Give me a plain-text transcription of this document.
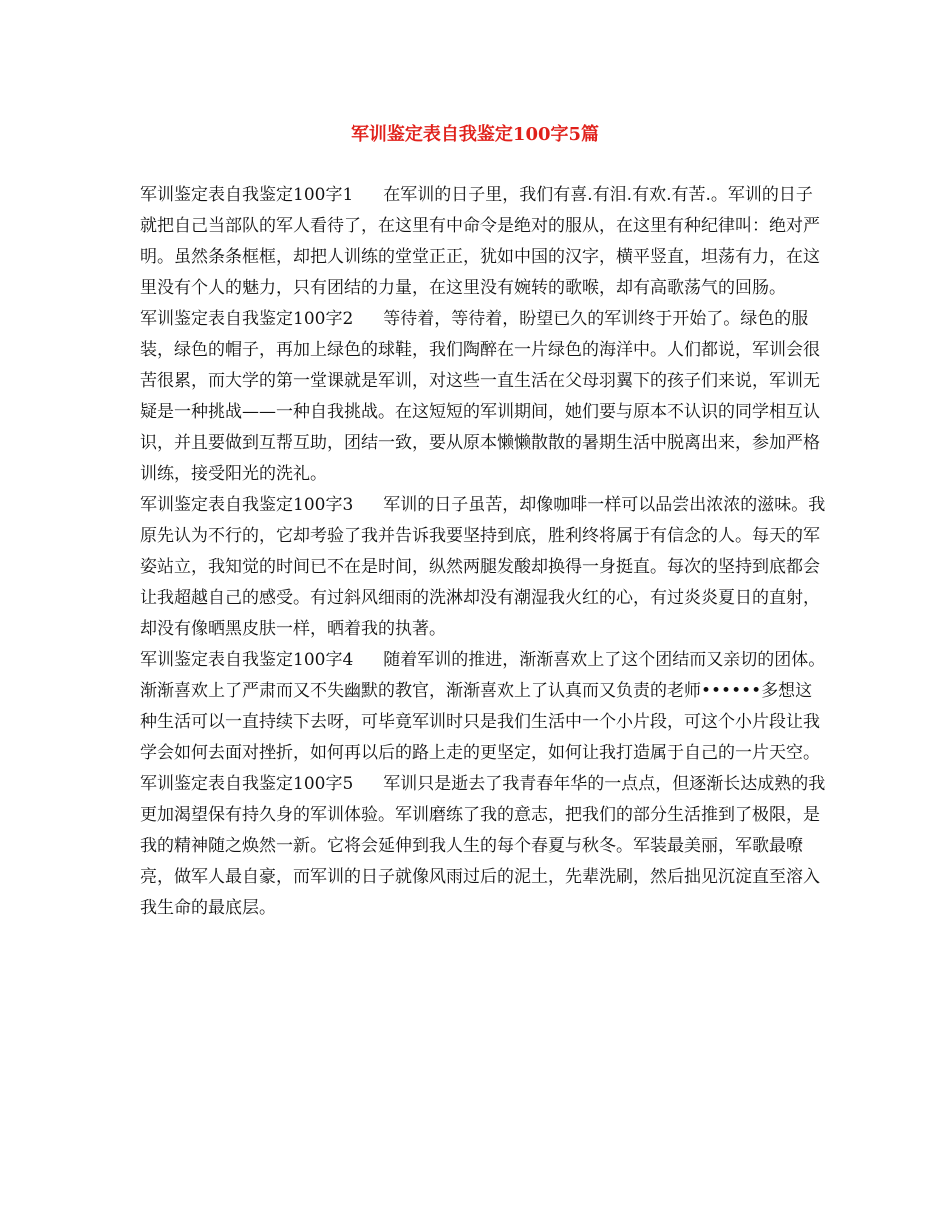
军训鉴定表自我鉴定100字5篇

军训鉴定表自我鉴定100字1 在军训的日子里，我们有喜.有泪.有欢.有苦.。军训的日子就把自己当部队的军人看待了，在这里有中命令是绝对的服从，在这里有种纪律叫：绝对严明。虽然条条框框，却把人训练的堂堂正正，犹如中国的汉字，横平竖直，坦荡有力，在这里没有个人的魅力，只有团结的力量，在这里没有婉转的歌喉，却有高歌荡气的回肠。

军训鉴定表自我鉴定100字2 等待着，等待着，盼望已久的军训终于开始了。绿色的服装，绿色的帽子，再加上绿色的球鞋，我们陶醉在一片绿色的海洋中。人们都说，军训会很苦很累，而大学的第一堂课就是军训，对这些一直生活在父母羽翼下的孩子们来说，军训无疑是一种挑战——一种自我挑战。在这短短的军训期间，她们要与原本不认识的同学相互认识，并且要做到互帮互助，团结一致，要从原本懒懒散散的暑期生活中脱离出来，参加严格训练，接受阳光的洗礼。

军训鉴定表自我鉴定100字3 军训的日子虽苦，却像咖啡一样可以品尝出浓浓的滋味。我原先认为不行的，它却考验了我并告诉我要坚持到底，胜利终将属于有信念的人。每天的军姿站立，我知觉的时间已不在是时间，纵然两腿发酸却换得一身挺直。每次的坚持到底都会让我超越自己的感受。有过斜风细雨的洗淋却没有潮湿我火红的心，有过炎炎夏日的直射，却没有像晒黑皮肤一样，晒着我的执著。

军训鉴定表自我鉴定100字4 随着军训的推进，渐渐喜欢上了这个团结而又亲切的团体。渐渐喜欢上了严肃而又不失幽默的教官，渐渐喜欢上了认真而又负责的老师••••••多想这种生活可以一直持续下去呀，可毕竟军训时只是我们生活中一个小片段，可这个小片段让我学会如何去面对挫折，如何再以后的路上走的更坚定，如何让我打造属于自己的一片天空。

军训鉴定表自我鉴定100字5 军训只是逝去了我青春年华的一点点，但逐渐长达成熟的我更加渴望保有持久身的军训体验。军训磨练了我的意志，把我们的部分生活推到了极限，是我的精神随之焕然一新。它将会延伸到我人生的每个春夏与秋冬。军装最美丽，军歌最嘹亮，做军人最自豪，而军训的日子就像风雨过后的泥土，先辈洗刷，然后拙见沉淀直至溶入我生命的最底层。
